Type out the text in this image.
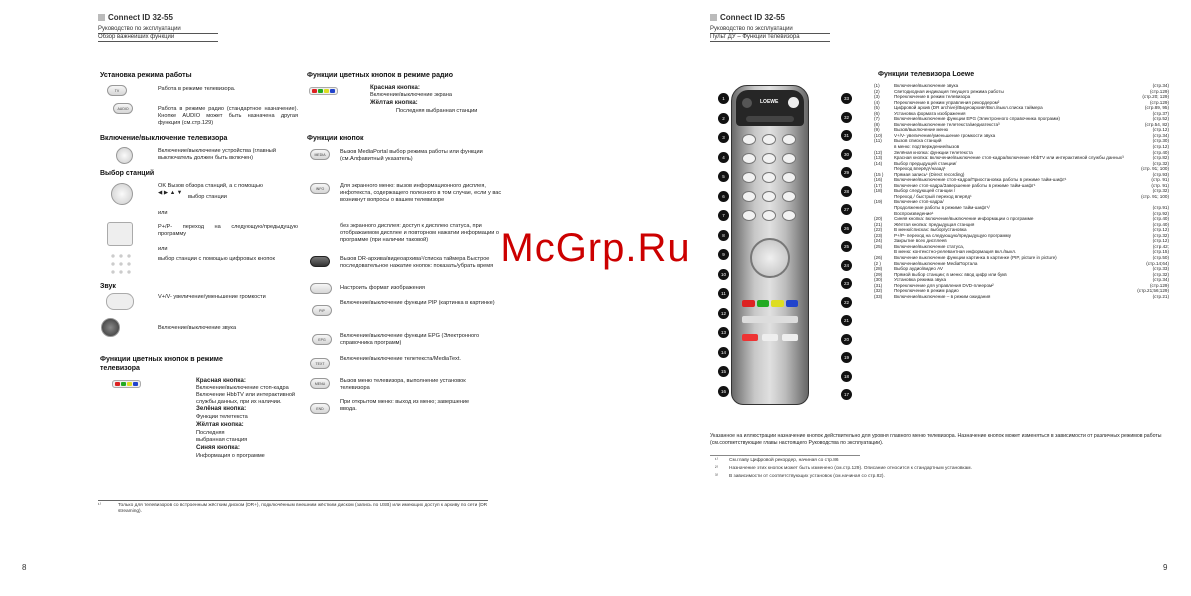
Connect ID 32-55
Руководство по эксплуатации
Обзор важнейших функций
Установка режима работы
TV	Работа в режиме телевизора.
AUDIO	Работа в режиме радио (стандартное назначение). Кнопке AUDIO может быть назначена другая функция (см.стр.129)
Включение/выключение телевизора
Включение/выключение устройства (главный выключатель должен быть включен)
Выбор станций
OK Вызов обзора станций, а с помощью
◀ ▶ ▲ ▼
выбор станции
или
P+/P- переход на следующую/предыдущую программу
или
выбор станции с помощью цифровых кнопок
Звук
V+/V- увеличение/уменьшение громкости
Включение/выключение звука
Функции цветных кнопок в режиме телевизора
Красная кнопка:
Включение/выключение стоп-кадра Включение HbbTV или интерактивной службы данных, при их наличии.
Зелёная кнопка:
Функции телетекста
Жёлтая кнопка:
Последняя выбранная станция
Синяя кнопка:
Информация о программе
Функции цветных кнопок в режиме радио
Красная кнопка:
Включение/выключение экрана
Жёлтая кнопка:
Последняя выбранная станции
Функции кнопок
MEDIA	Вызов MediaPortal выбор режима работы или функции (см.Алфавитный указатель)
INFO	Для экранного меню: вызов информационного дисплея, инфотекста, содержащего полезного в том случае, если у вас возникнут вопросы о вашем телевизоре
без экранного дисплея: доступ к дисплею статуса, при отображаемом дисплее и повторном нажатии информации о программе (при наличии таковой)
Вызов DR-архива/видеоархива¹/списка таймера Быстрое последовательное нажатие кнопок: показать/убрать время
Настроить формат изображения
PIP
Включение/выключение функции PIP (картинка в картинке)
EPG
Включение/выключение функции EPG (Электронного справочника программ)
TEXT
Включение/выключение телетекста/MediaText.
MENU	Вызов меню телевизора, выполнение установок телевизора
END
При открытом меню: выход из меню; завершение ввода.
¹⁾	Только для телевизоров со встроенным жёстким диском (DR+), подключённым внешним жёстким диском (запись по USB) или имеющих доступ к архиву по сети (DR streaming).
8
Connect ID 32-55
Руководство по эксплуатации
Пульт ДУ – Функции телевизора
LOEWE
1
2
3
4
5
6
7
8
9
10
11
12
13
14
15
16
33
32
31
30
29
28
27
26
25
24
23
22
21
20
19
18
17
Функции телевизора Loewe
(1)	Включение/выключение звука	(стр.34)
(2)	Светодиодная индикация текущего режима работы	(стр.129)
(3)	Переключение в режим телевизора	(стр.20; 129)
(4)	Переключение в режим управления рекордером²	(стр.129)
(5)	Цифровой архив (DR archive)/Видеоархив¹/Вкл./выкл.списка таймера	(стр.89, 95)
(6)	Установка формата изображения	(стр.37)
(7)	Включение/выключение функции EPG (Электронного справочника программ)	(стр.52)
(8)	Включение/выключение телетекста/медиатекста³	(стр.54, 82)
(9)	Вызов/выключение меню	(стр.12)
(10)	V+/V- увеличение/уменьшение громкости звука	(стр.34)
(11)	Вызов списка станций	(стр.30)
в меню: подтверждение/вызов	(стр.12)
(12)	Зелёная кнопка: функции телетекста	(стр.40)
(13)	Красная кнопка: включение/выключение стоп-кадра/включение HbbTV или интерактивной службы данных³	(стр.82)
(14)	Выбор предыдущей станции/	(стр.32)
Переход вперёд¹/назад¹	(стр. 91; 100)
(15 )	Прямая запись¹ (Direct recording)	(стр.93)
(16)	Включение/выключение стоп-кадра/Приостановка работы в режиме тайм-шифт¹	(стр. 91)
(17)	Включение стоп-кадра/Завершение работы в режиме тайм-шифт¹	(стр. 91)
(18)	Выбор следующей станции /	(стр.32)
Переход / быстрый переход вперёд¹	(стр. 91; 100)
(19)	Включение стоп-кадра/
Продолжение работы в режиме тайм-шифт¹/	(стр.91)
Воспроизведение¹	(стр.92)
(20)	Синяя кнопка: включение/выключение информации о программе	(стр.40)
(21)	Жёлтая кнопка: предыдущая станция	(стр.40)
(22)	В меню/списках: выбор/установка	(стр.12)
(23)	P+/P- переход на следующую/предыдущую программу	(стр.32)
(24)	Закрытие всех дисплеев	(стр.12)
(25)	Включение/выключение статуса,	(стр.42;
В меню: контекстно-релевантная информация вкл./выкл.	(стр.15)
(26)	Включение выключение функции картинка в картинке (PIP, picture in picture)	(стр.50)
(2 )	Включение/выключение MediaПортала	(стр.14;64)
(28)	Выбор аудио/видео AV	(стр.33)
(29)	Прямой выбор станции; в меню: ввод цифр или букв	(стр.32)
(30)	Установка режима звука	(стр.34)
(31)	Переключение для управления DVD-плеером²	(стр.129)
(32)	Переключение в режим радио	(стр.21;56;129)
(33)	Включение/выключение – в режим ожидания	(стр.21)
Указанное на иллюстрации назначение кнопок действительно для уровня главного меню телевизора. Назначение кнопок может изменяться в зависимости от различных режимов работы (см.соответствующие главы настоящего Руководства по эксплуатации).
¹⁾ См.главу Цифровой рекордер, начиная со стр.86
²⁾ Назначение этих кнопок может быть изменено (см.стр.129). Описание относится к стандартным установкам.
³⁾ В зависимости от соответствующих установок (см.начиная со стр.82).
9
McGrp.Ru
